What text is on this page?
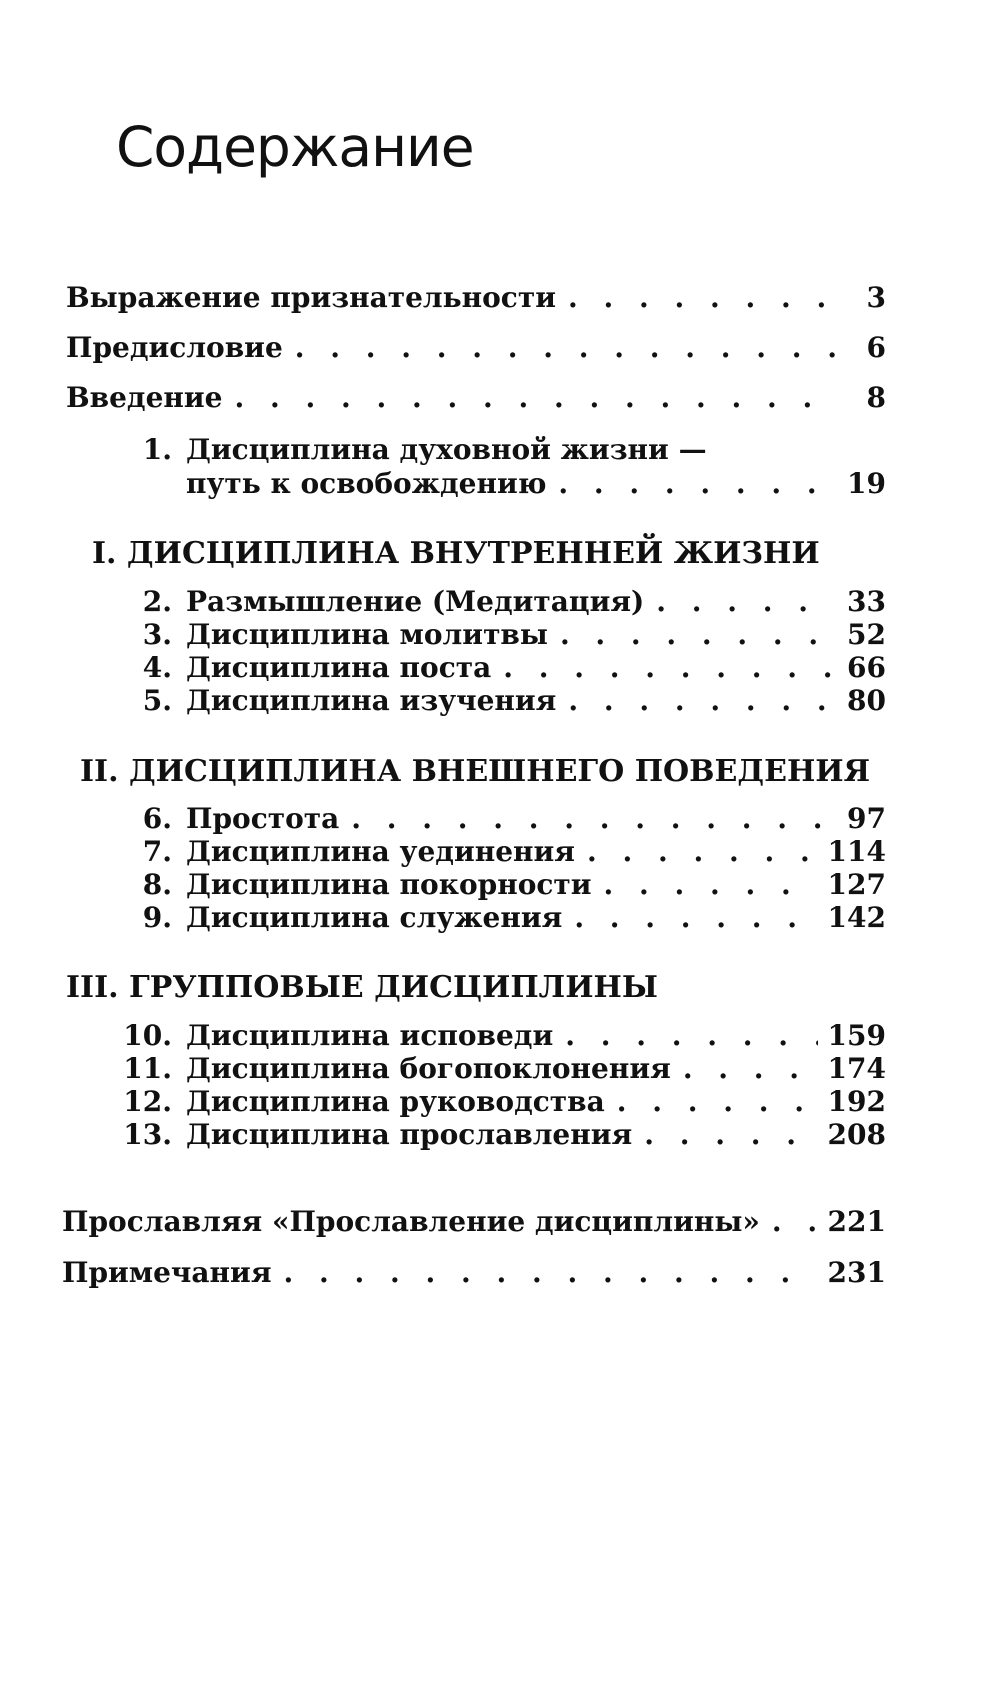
Содержание
Выражение признательности . . .	3
Предисловие . . .	6
Введение . . .	8
1. Дисциплина духовной жизни —
путь к освобождению . . .	19
I. ДИСЦИПЛИНА ВНУТРЕННЕЙ ЖИЗНИ
2. Размышление (Медитация) . . .	33
3. Дисциплина молитвы . . .	52
4. Дисциплина поста . . .	66
5. Дисциплина изучения . . .	80
II. ДИСЦИПЛИНА ВНЕШНЕГО ПОВЕДЕНИЯ
6. Простота . . .	97
7. Дисциплина уединения . . .	114
8. Дисциплина покорности . . .	127
9. Дисциплина служения . . .	142
III. ГРУППОВЫЕ ДИСЦИПЛИНЫ
10. Дисциплина исповеди . . .	159
11. Дисциплина богопоклонения . . .	174
12. Дисциплина руководства . . .	192
13. Дисциплина прославления . . .	208
Прославляя «Прославление дисциплины» . . . 221
Примечания . . .	231
